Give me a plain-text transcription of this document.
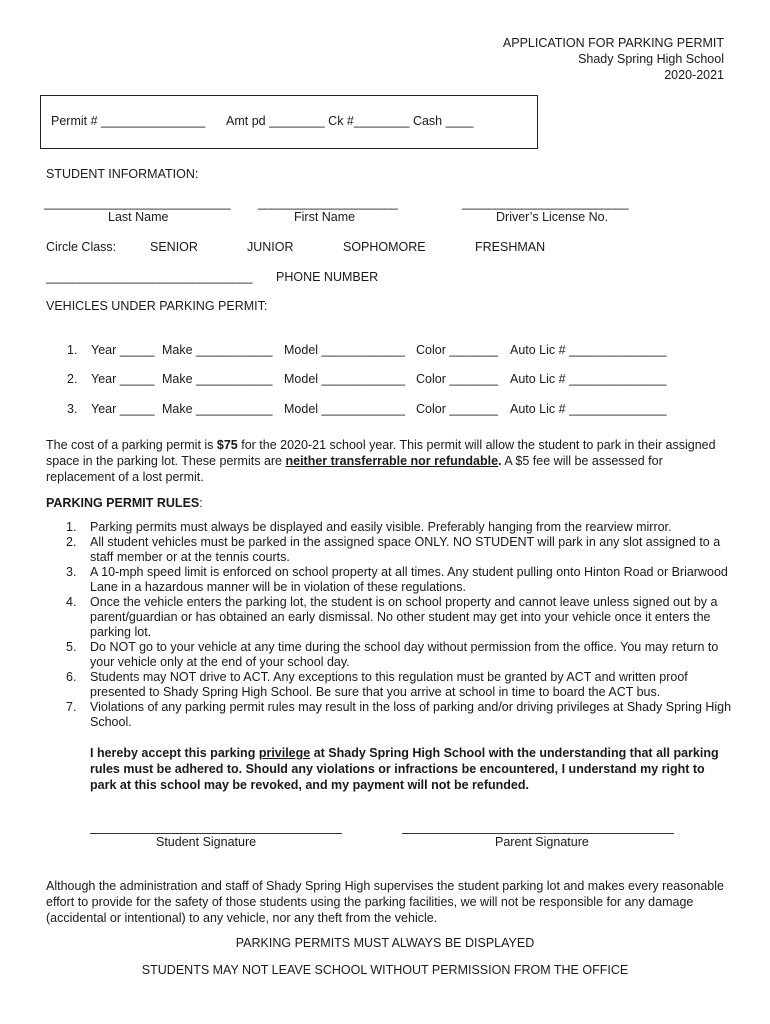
APPLICATION FOR PARKING PERMIT
Shady Spring High School
2020-2021
Permit # _______________ Amt pd ________ Ck #________ Cash ____
STUDENT INFORMATION:
____________________________ _____________________	_________________________
Last Name	First Name	Driver’s License No.
Circle Class:	SENIOR	JUNIOR	SOPHOMORE	FRESHMAN
_______________________________ PHONE NUMBER
VEHICLES UNDER PARKING PERMIT:
1. Year _____ Make ___________ Model ____________ Color _______ Auto Lic # ______________
2. Year _____ Make ___________ Model ____________ Color _______ Auto Lic # ______________
3. Year _____ Make ___________ Model ____________ Color _______ Auto Lic # ______________
The cost of a parking permit is $75 for the 2020-21 school year. This permit will allow the student to park in their assigned space in the parking lot. These permits are neither transferrable nor refundable. A $5 fee will be assessed for replacement of a lost permit.
PARKING PERMIT RULES:
1. Parking permits must always be displayed and easily visible. Preferably hanging from the rearview mirror.
2. All student vehicles must be parked in the assigned space ONLY. NO STUDENT will park in any slot assigned to a staff member or at the tennis courts.
3. A 10-mph speed limit is enforced on school property at all times. Any student pulling onto Hinton Road or Briarwood Lane in a hazardous manner will be in violation of these regulations.
4. Once the vehicle enters the parking lot, the student is on school property and cannot leave unless signed out by a parent/guardian or has obtained an early dismissal. No other student may get into your vehicle once it enters the parking lot.
5. Do NOT go to your vehicle at any time during the school day without permission from the office. You may return to your vehicle only at the end of your school day.
6. Students may NOT drive to ACT. Any exceptions to this regulation must be granted by ACT and written proof presented to Shady Spring High School. Be sure that you arrive at school in time to board the ACT bus.
7. Violations of any parking permit rules may result in the loss of parking and/or driving privileges at Shady Spring High School.
I hereby accept this parking privilege at Shady Spring High School with the understanding that all parking rules must be adhered to. Should any violations or infractions be encountered, I understand my right to park at this school may be revoked, and my payment will not be refunded.
Student Signature	Parent Signature
Although the administration and staff of Shady Spring High supervises the student parking lot and makes every reasonable effort to provide for the safety of those students using the parking facilities, we will not be responsible for any damage (accidental or intentional) to any vehicle, nor any theft from the vehicle.
PARKING PERMITS MUST ALWAYS BE DISPLAYED
STUDENTS MAY NOT LEAVE SCHOOL WITHOUT PERMISSION FROM THE OFFICE
